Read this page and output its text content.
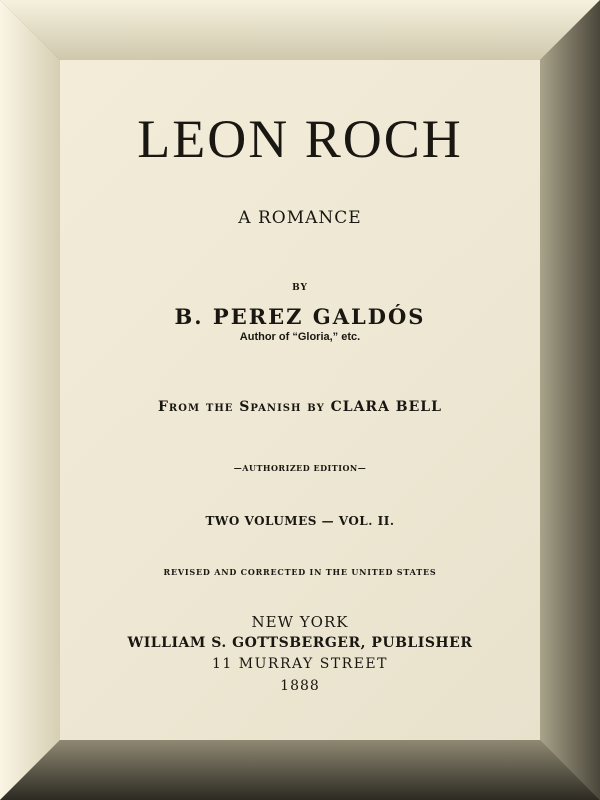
LEON ROCH
A ROMANCE
BY
B. PEREZ GALDÓS
Author of “Gloria,” etc.
From the Spanish by CLARA BELL
—AUTHORIZED EDITION—
TWO VOLUMES — VOL. II.
REVISED AND CORRECTED IN THE UNITED STATES
NEW YORK
WILLIAM S. GOTTSBERGER, PUBLISHER
11 MURRAY STREET
1888
